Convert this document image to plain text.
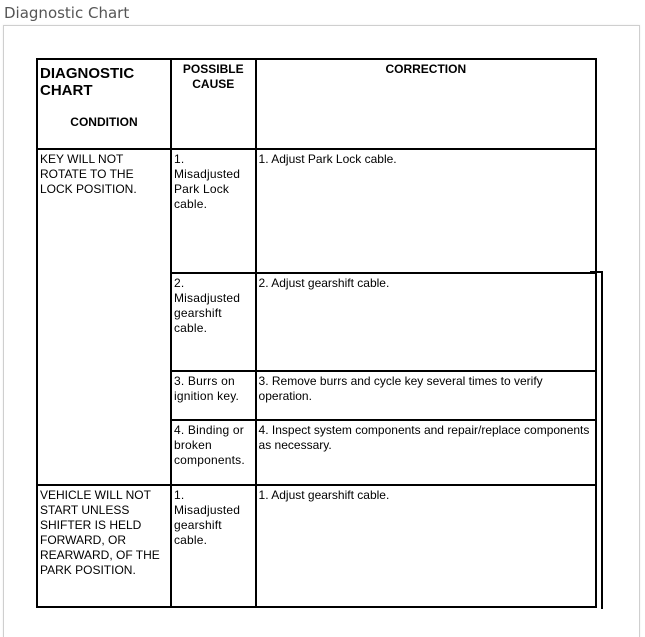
Diagnostic Chart
DIAGNOSTIC CHART
CONDITION	POSSIBLE CAUSE	CORRECTION
KEY WILL NOT ROTATE TO THE LOCK POSITION.	1. Misadjusted Park Lock cable.	1. Adjust Park Lock cable.
	2. Misadjusted gearshift cable.	2. Adjust gearshift cable.
	3. Burrs on ignition key.	3. Remove burrs and cycle key several times to verify operation.
	4. Binding or broken components.	4. Inspect system components and repair/replace components as necessary.
VEHICLE WILL NOT START UNLESS SHIFTER IS HELD FORWARD, OR REARWARD, OF THE PARK POSITION.	1. Misadjusted gearshift cable.	1. Adjust gearshift cable.
